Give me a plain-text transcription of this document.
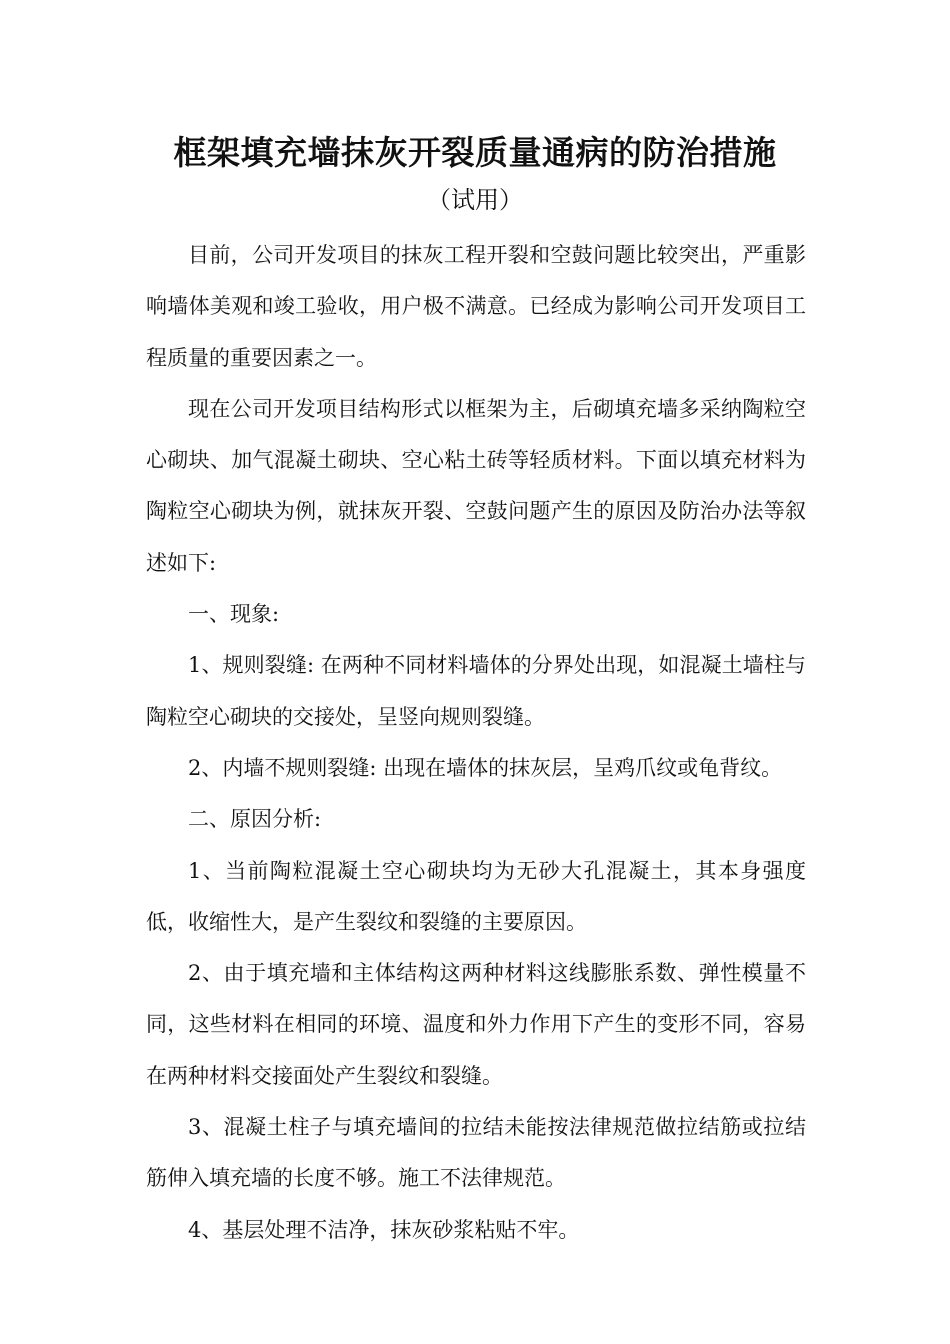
框架填充墙抹灰开裂质量通病的防治措施
（试用）

目前，公司开发项目的抹灰工程开裂和空鼓问题比较突出，严重影响墙体美观和竣工验收，用户极不满意。已经成为影响公司开发项目工程质量的重要因素之一。

现在公司开发项目结构形式以框架为主，后砌填充墙多采纳陶粒空心砌块、加气混凝土砌块、空心粘土砖等轻质材料。下面以填充材料为陶粒空心砌块为例，就抹灰开裂、空鼓问题产生的原因及防治办法等叙述如下:

一、现象:

1、规则裂缝: 在两种不同材料墙体的分界处出现，如混凝土墙柱与陶粒空心砌块的交接处，呈竖向规则裂缝。

2、内墙不规则裂缝: 出现在墙体的抹灰层，呈鸡爪纹或龟背纹。

二、原因分析:

1、当前陶粒混凝土空心砌块均为无砂大孔混凝土，其本身强度低，收缩性大，是产生裂纹和裂缝的主要原因。

2、由于填充墙和主体结构这两种材料这线膨胀系数、弹性模量不同，这些材料在相同的环境、温度和外力作用下产生的变形不同，容易在两种材料交接面处产生裂纹和裂缝。

3、混凝土柱子与填充墙间的拉结未能按法律规范做拉结筋或拉结筋伸入填充墙的长度不够。施工不法律规范。

4、基层处理不洁净，抹灰砂浆粘贴不牢。
